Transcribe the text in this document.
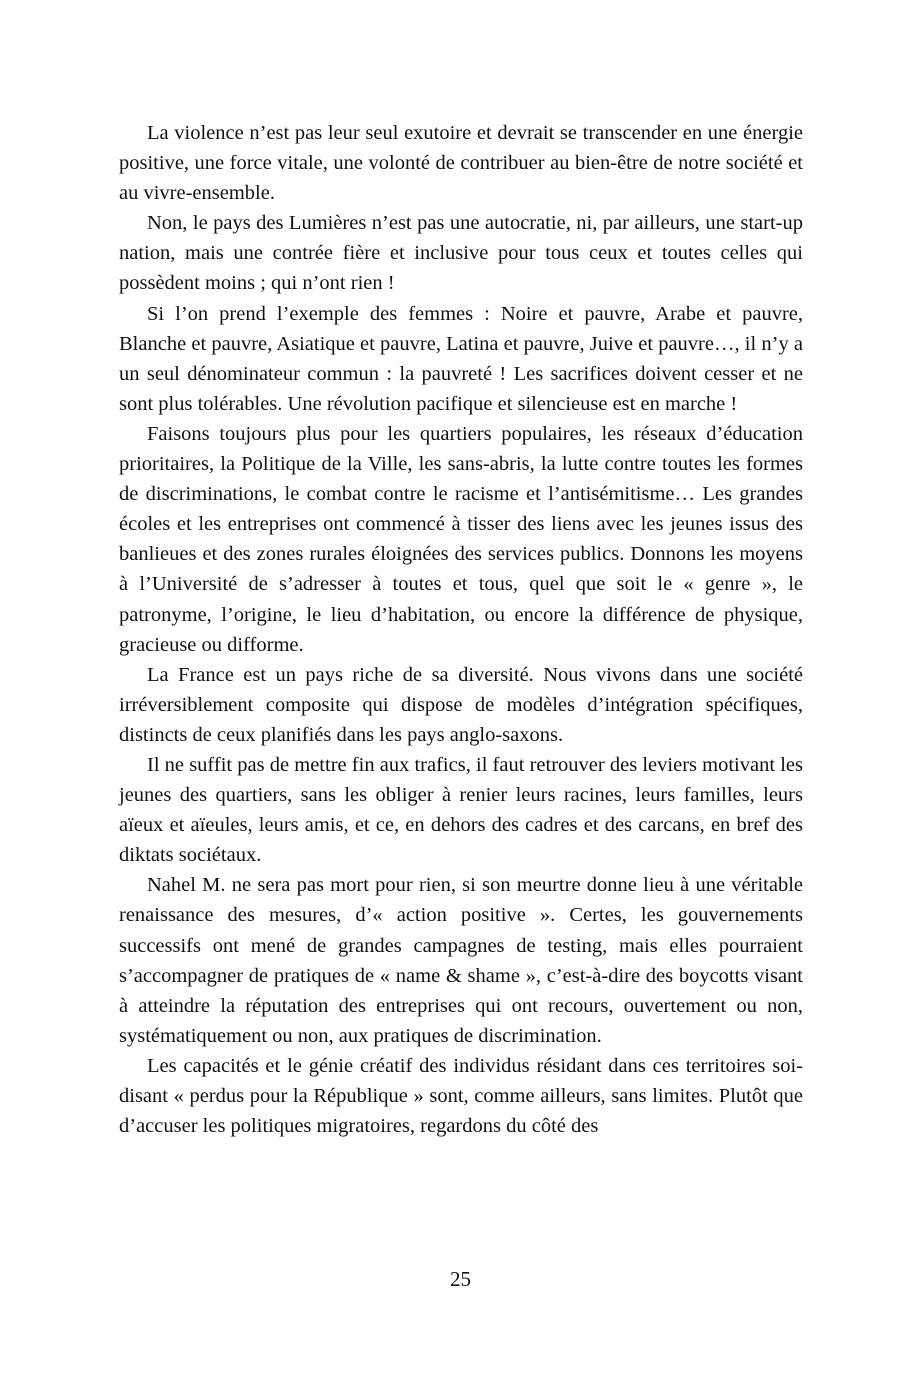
La violence n’est pas leur seul exutoire et devrait se transcender en une énergie positive, une force vitale, une volonté de contribuer au bien-être de notre société et au vivre-ensemble.

Non, le pays des Lumières n’est pas une autocratie, ni, par ailleurs, une start-up nation, mais une contrée fière et inclusive pour tous ceux et toutes celles qui possèdent moins ; qui n’ont rien !

Si l’on prend l’exemple des femmes : Noire et pauvre, Arabe et pauvre, Blanche et pauvre, Asiatique et pauvre, Latina et pauvre, Juive et pauvre…, il n’y a un seul dénominateur commun : la pauvreté ! Les sacrifices doivent cesser et ne sont plus tolérables. Une révolution pacifique et silencieuse est en marche !

Faisons toujours plus pour les quartiers populaires, les réseaux d’éducation prioritaires, la Politique de la Ville, les sans-abris, la lutte contre toutes les formes de discriminations, le combat contre le racisme et l’antisémitisme… Les grandes écoles et les entreprises ont commencé à tisser des liens avec les jeunes issus des banlieues et des zones rurales éloignées des services publics. Donnons les moyens à l’Université de s’adresser à toutes et tous, quel que soit le « genre », le patronyme, l’origine, le lieu d’habitation, ou encore la différence de physique, gracieuse ou difforme.

La France est un pays riche de sa diversité. Nous vivons dans une société irréversiblement composite qui dispose de modèles d’intégration spécifiques, distincts de ceux planifiés dans les pays anglo-saxons.

Il ne suffit pas de mettre fin aux trafics, il faut retrouver des leviers motivant les jeunes des quartiers, sans les obliger à renier leurs racines, leurs familles, leurs aïeux et aïeules, leurs amis, et ce, en dehors des cadres et des carcans, en bref des diktats sociétaux.

Nahel M. ne sera pas mort pour rien, si son meurtre donne lieu à une véritable renaissance des mesures, d’« action positive ». Certes, les gouvernements successifs ont mené de grandes campagnes de testing, mais elles pourraient s’accompagner de pratiques de « name & shame », c’est-à-dire des boycotts visant à atteindre la réputation des entreprises qui ont recours, ouvertement ou non, systématiquement ou non, aux pratiques de discrimination.

Les capacités et le génie créatif des individus résidant dans ces territoires soi-disant « perdus pour la République » sont, comme ailleurs, sans limites. Plutôt que d’accuser les politiques migratoires, regardons du côté des

25
